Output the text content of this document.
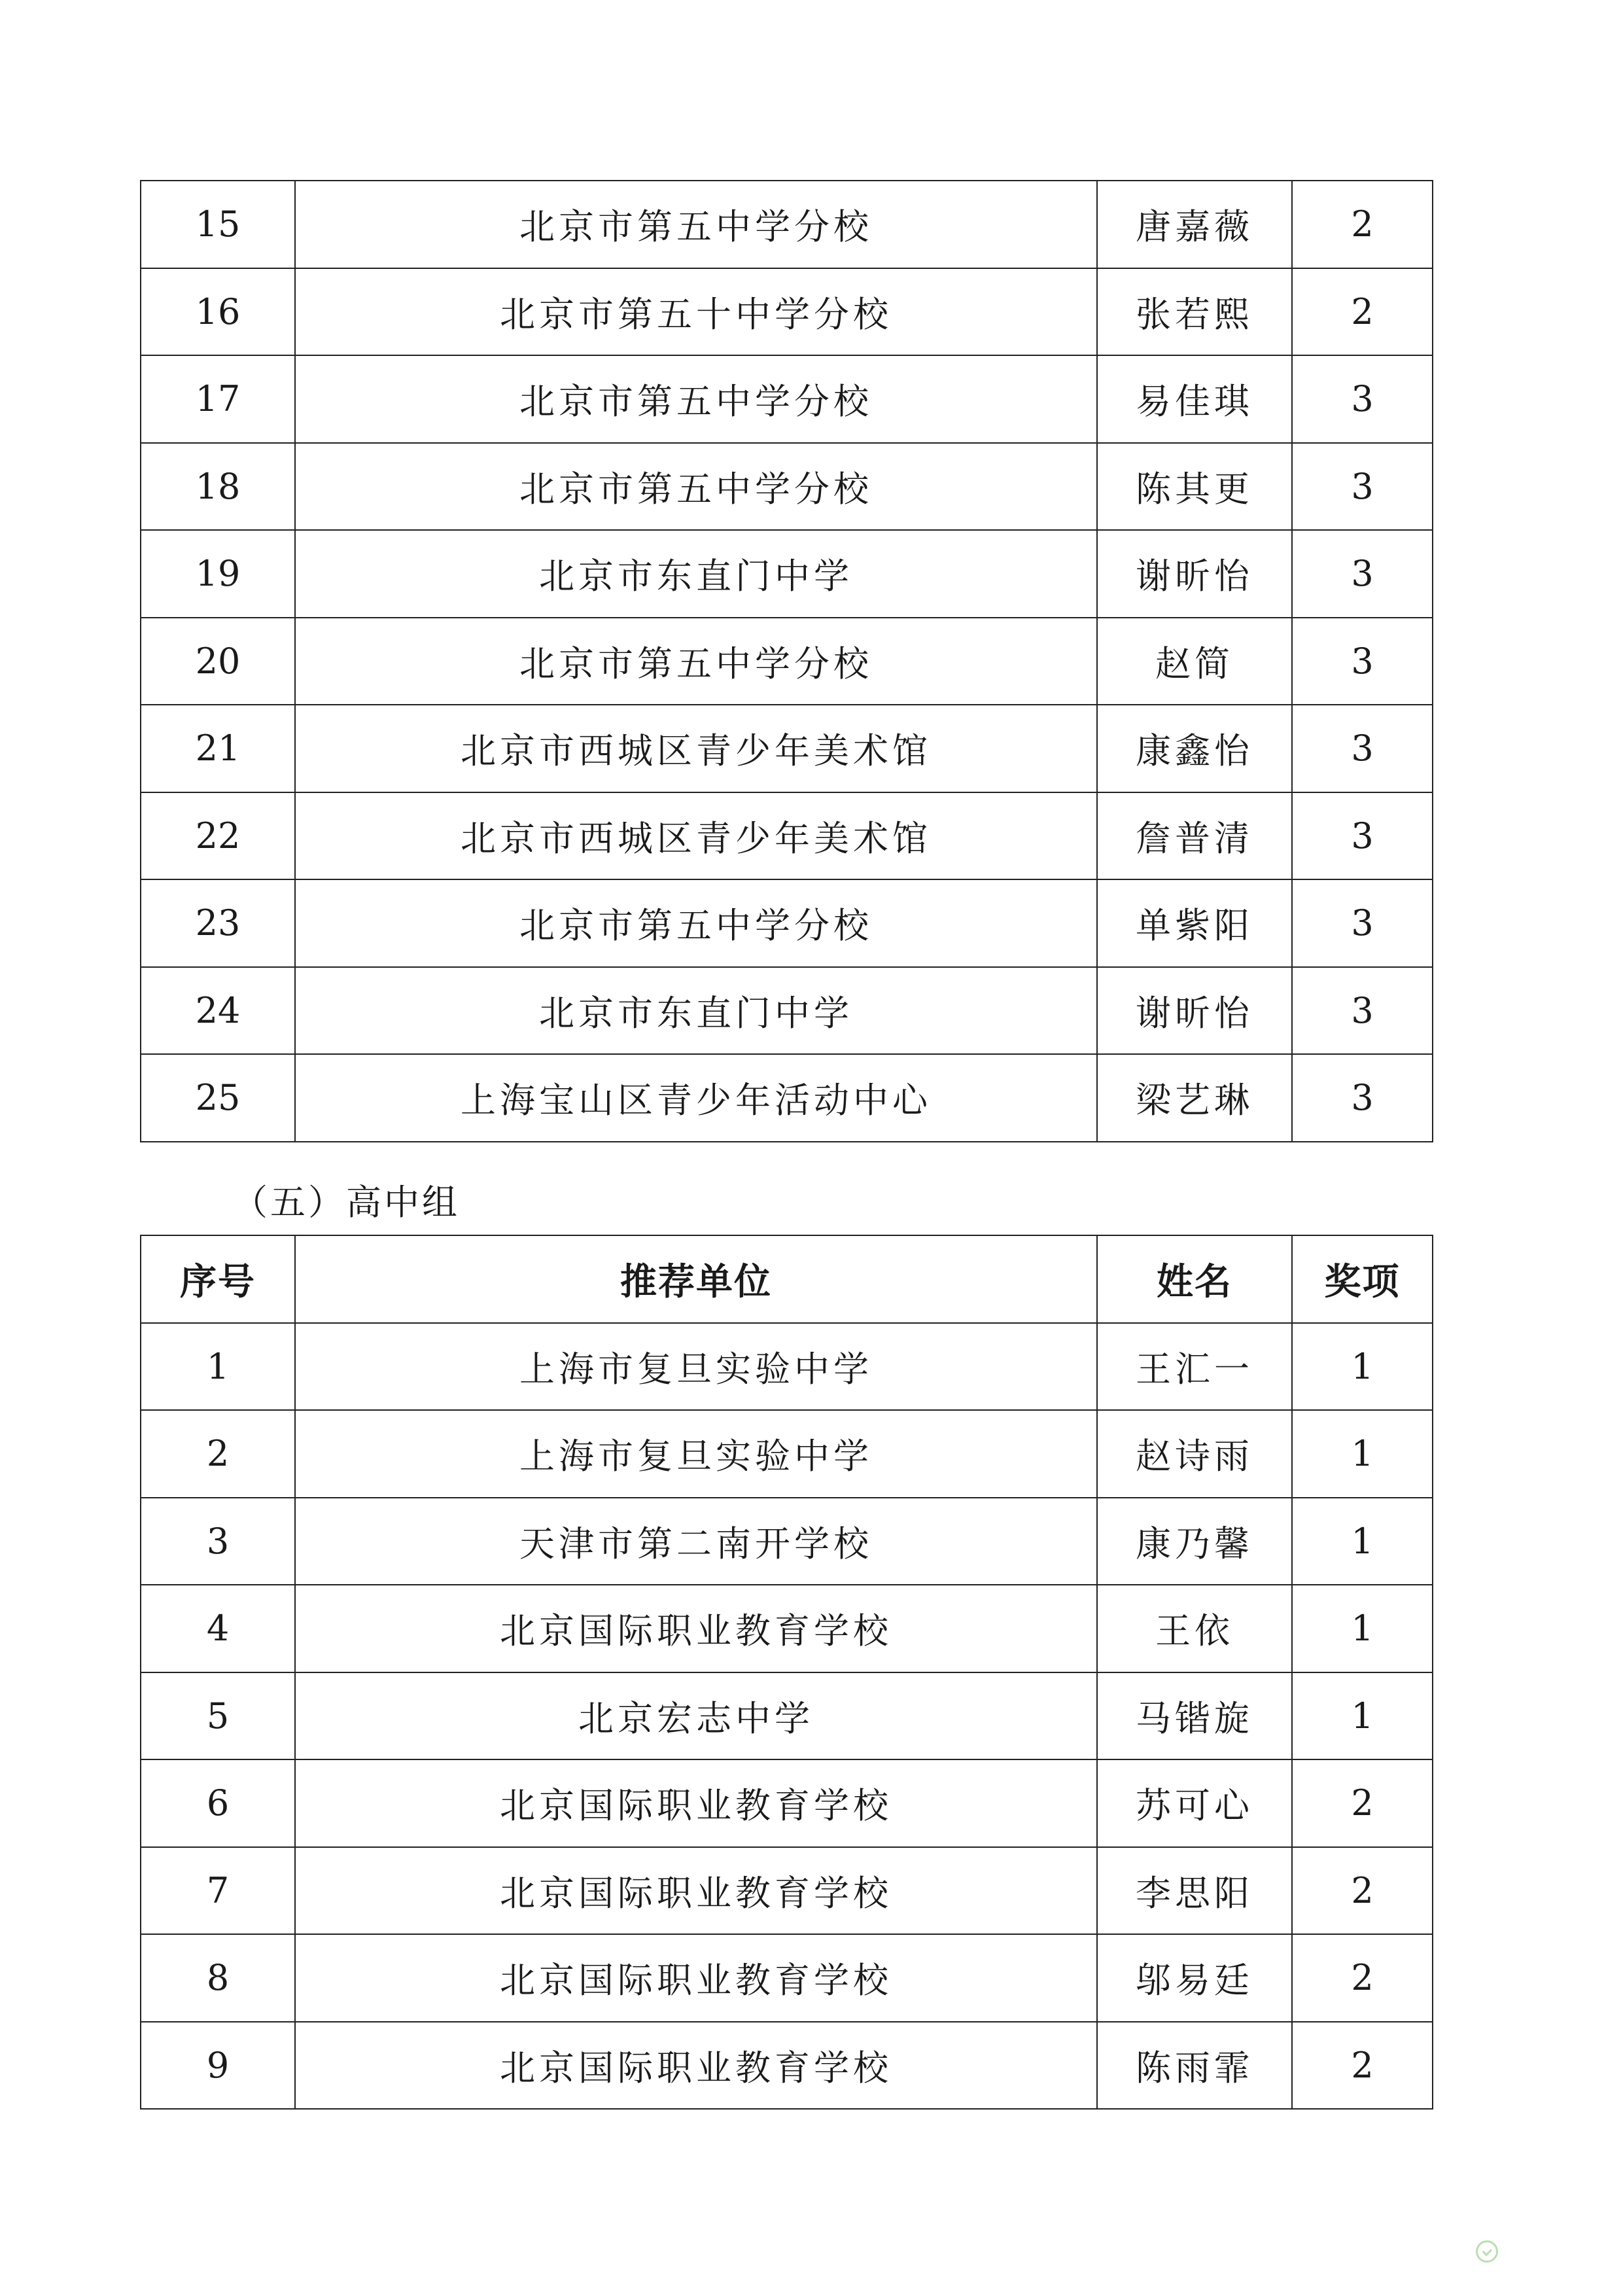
15	北京市第五中学分校	唐嘉薇	2
16	北京市第五十中学分校	张若熙	2
17	北京市第五中学分校	易佳琪	3
18	北京市第五中学分校	陈其更	3
19	北京市东直门中学	谢昕怡	3
20	北京市第五中学分校	赵简	3
21	北京市西城区青少年美术馆	康鑫怡	3
22	北京市西城区青少年美术馆	詹普清	3
23	北京市第五中学分校	单紫阳	3
24	北京市东直门中学	谢昕怡	3
25	上海宝山区青少年活动中心	梁艺琳	3
（五）高中组
序号	推荐单位	姓名	奖项
1	上海市复旦实验中学	王汇一	1
2	上海市复旦实验中学	赵诗雨	1
3	天津市第二南开学校	康乃馨	1
4	北京国际职业教育学校	王依	1
5	北京宏志中学	马锴旋	1
6	北京国际职业教育学校	苏可心	2
7	北京国际职业教育学校	李思阳	2
8	北京国际职业教育学校	邬易廷	2
9	北京国际职业教育学校	陈雨霏	2
